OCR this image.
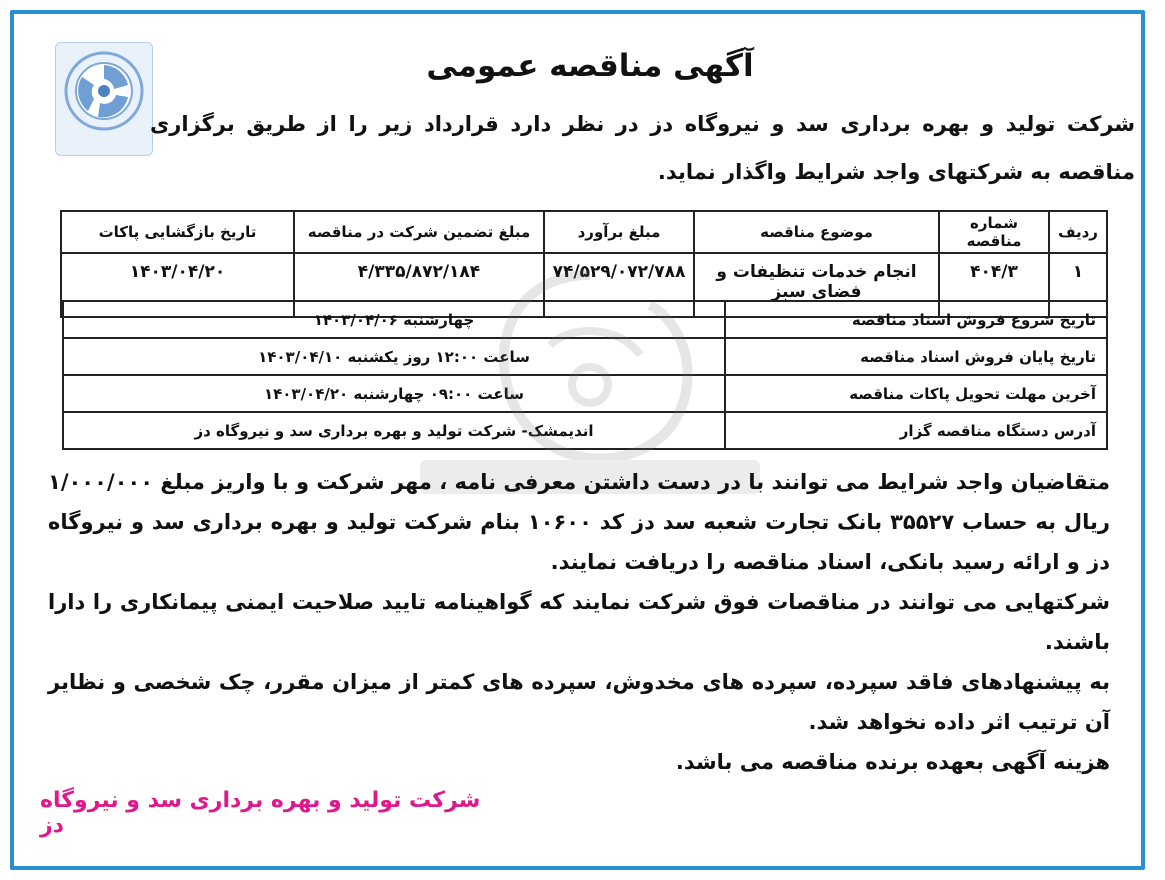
آگهی مناقصه عمومی
شرکت تولید و بهره برداری سد و نیروگاه دز در نظر دارد قرارداد زیر را از طریق برگزاری مناقصه به شرکتهای واجد شرایط واگذار نماید.
ردیف	شماره مناقصه	موضوع مناقصه	مبلغ برآورد	مبلغ تضمین شرکت در مناقصه	تاریخ بازگشایی پاکات
۱	۴۰۴/۳	انجام خدمات تنظیفات و فضای سبز	۷۴/۵۲۹/۰۷۲/۷۸۸	۴/۳۳۵/۸۷۲/۱۸۴	۱۴۰۳/۰۴/۲۰
تاریخ شروع فروش اسناد مناقصه	چهارشنبه ۱۴۰۳/۰۴/۰۶
تاریخ پایان فروش اسناد مناقصه	ساعت ۱۲:۰۰ روز یکشنبه ۱۴۰۳/۰۴/۱۰
آخرین مهلت تحویل پاکات مناقصه	ساعت ۰۹:۰۰ چهارشنبه ۱۴۰۳/۰۴/۲۰
آدرس دستگاه مناقصه گزار	اندیمشک- شرکت تولید و بهره برداری سد و نیروگاه دز

متقاضیان واجد شرایط می توانند با در دست داشتن معرفی نامه ، مهر شرکت و با واریز مبلغ ۱/۰۰۰/۰۰۰ ریال به حساب ۳۵۵۲۷ بانک تجارت شعبه سد دز کد ۱۰۶۰۰ بنام شرکت تولید و بهره برداری سد و نیروگاه دز و ارائه رسید بانکی، اسناد مناقصه را دریافت نمایند.

شرکتهایی می توانند در مناقصات فوق شرکت نمایند که گواهینامه تایید صلاحیت ایمنی پیمانکاری را دارا باشند.

به پیشنهادهای فاقد سپرده، سپرده های مخدوش، سپرده های کمتر از میزان مقرر، چک شخصی و نظایر آن ترتیب اثر داده نخواهد شد.

هزینه آگهی بعهده برنده مناقصه می باشد.

شرکت تولید و بهره برداری سد و نیروگاه دز
